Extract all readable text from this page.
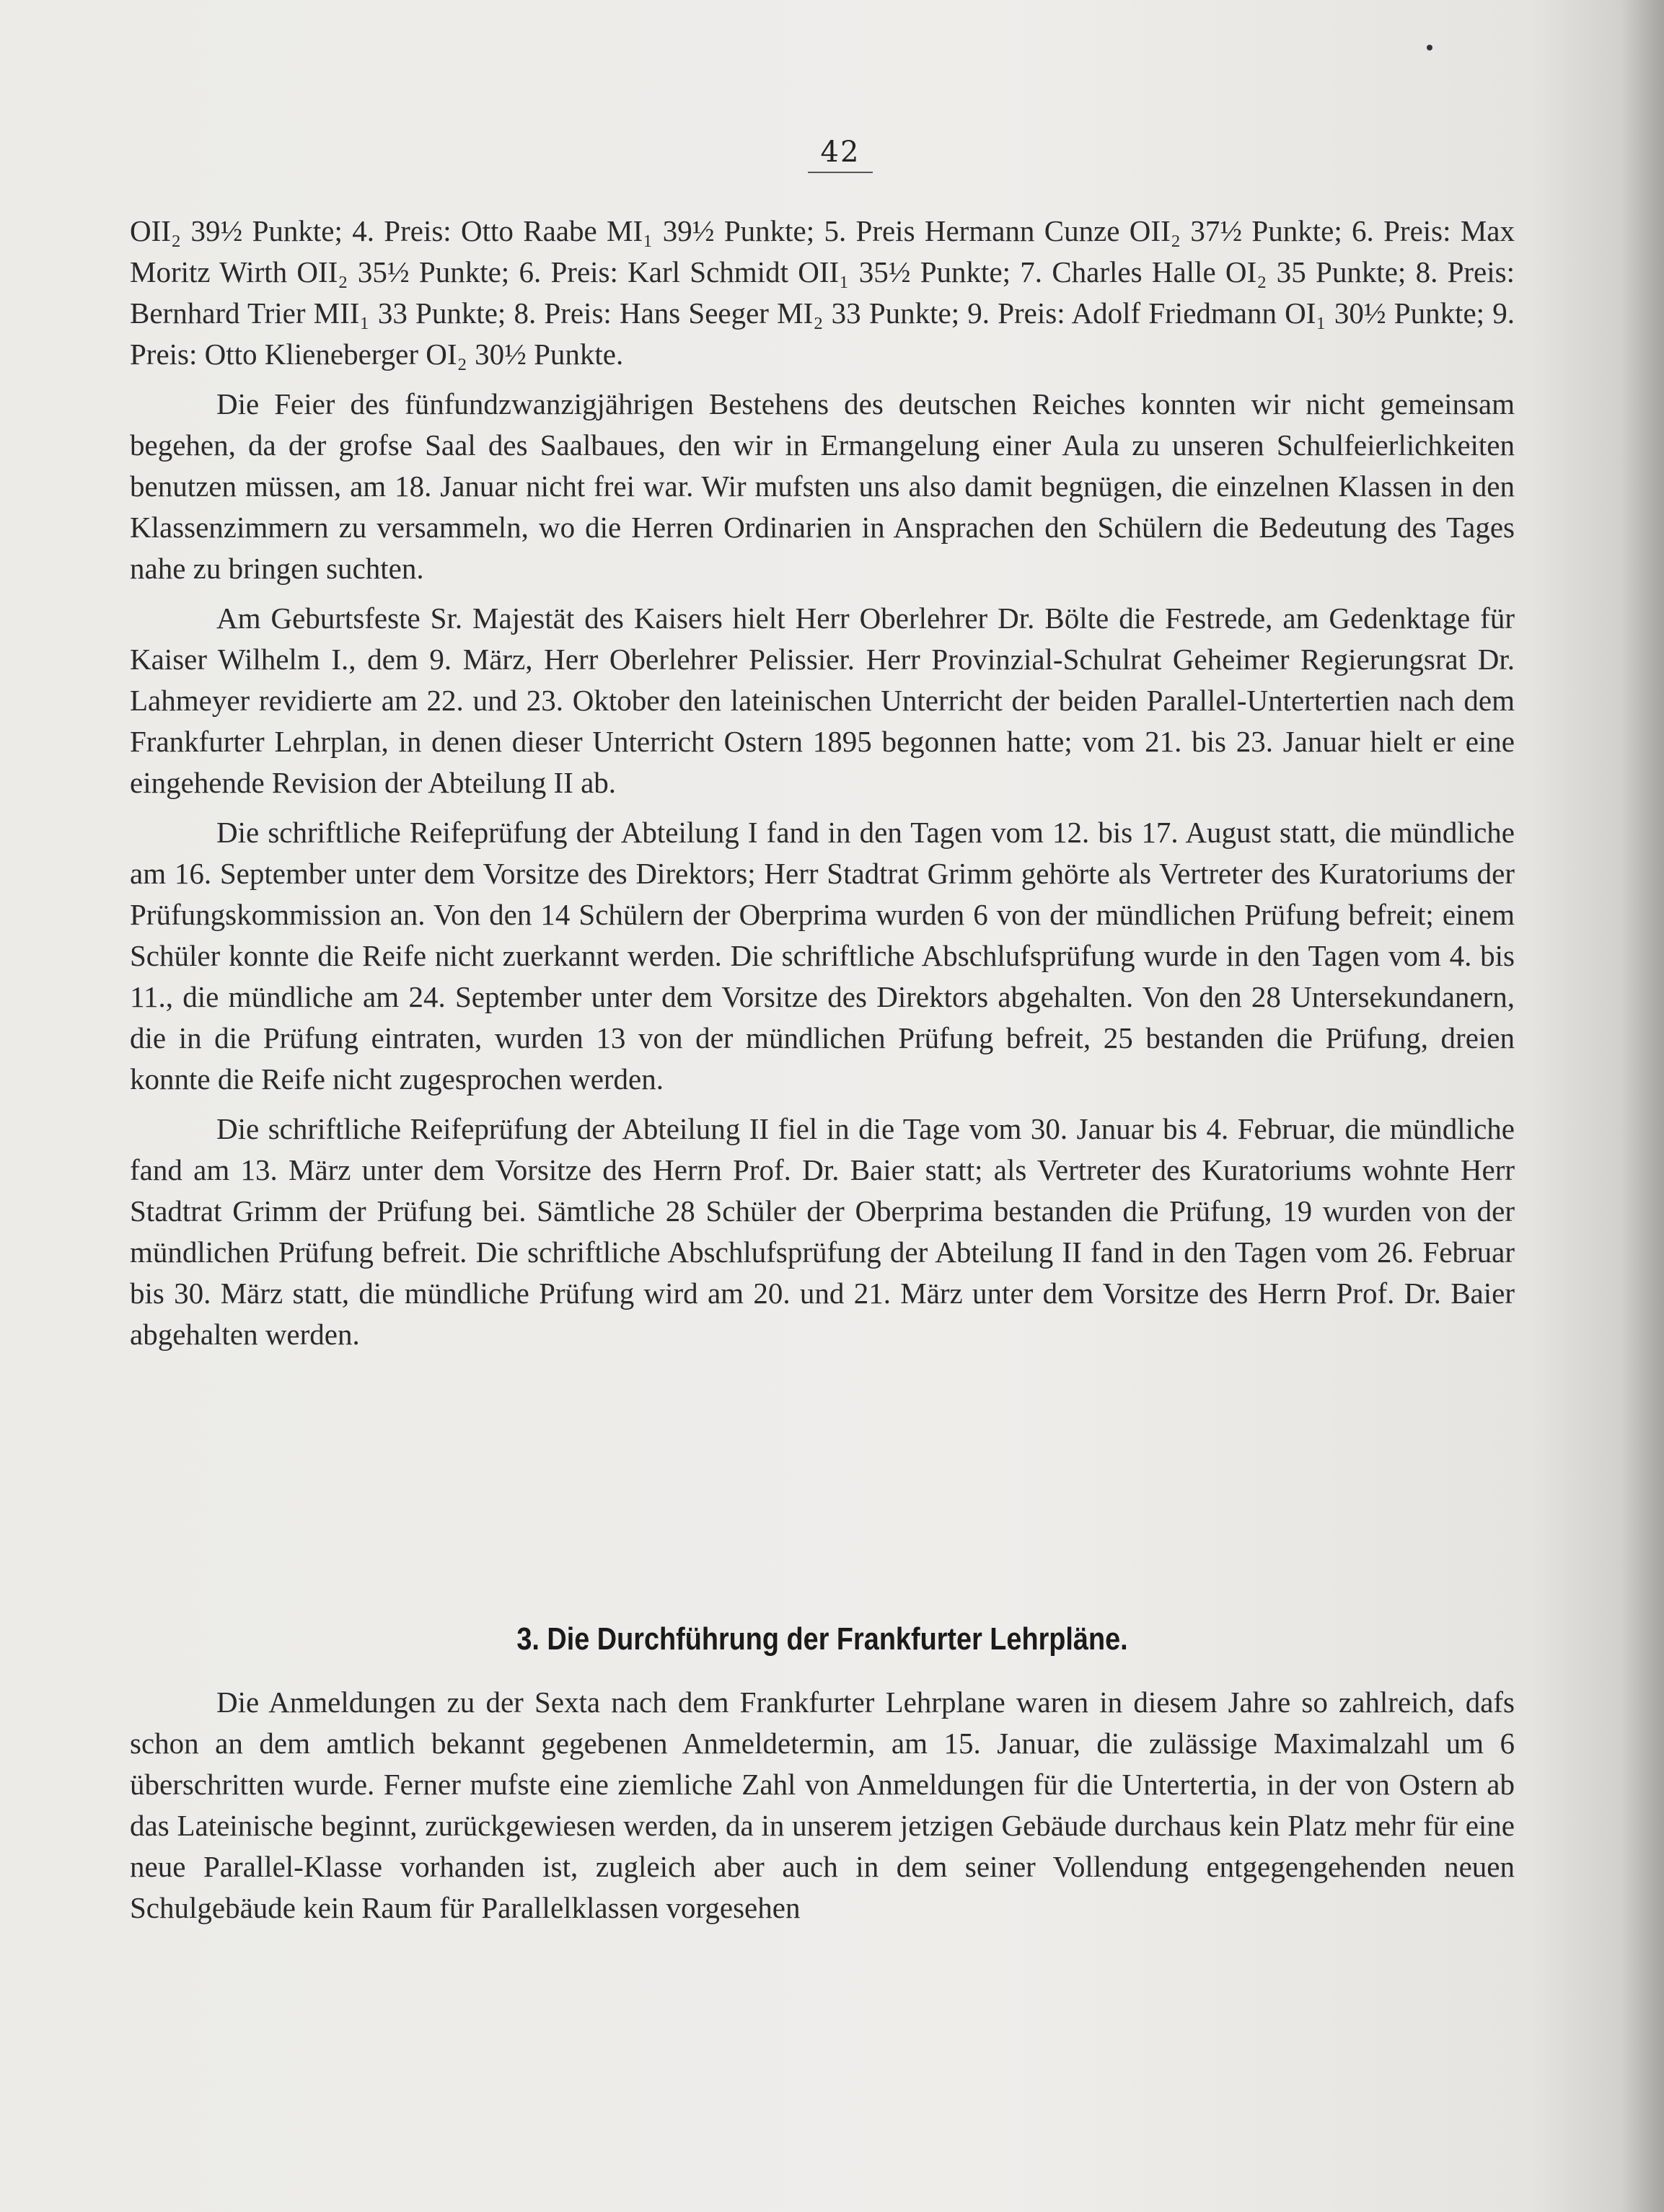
42

OII₂ 39½ Punkte; 4. Preis: Otto Raabe MI₁ 39½ Punkte; 5. Preis Hermann Cunze OII₂ 37½ Punkte; 6. Preis: Max Moritz Wirth OII₂ 35½ Punkte; 6. Preis: Karl Schmidt OII₁ 35½ Punkte; 7. Charles Halle OI₂ 35 Punkte; 8. Preis: Bernhard Trier MII₁ 33 Punkte; 8. Preis: Hans Seeger MI₂ 33 Punkte; 9. Preis: Adolf Friedmann OI₁ 30½ Punkte; 9. Preis: Otto Klieneberger OI₂ 30½ Punkte.

Die Feier des fünfundzwanzigjährigen Bestehens des deutschen Reiches konnten wir nicht gemeinsam begehen, da der grofse Saal des Saalbaues, den wir in Ermangelung einer Aula zu unseren Schulfeierlichkeiten benutzen müssen, am 18. Januar nicht frei war. Wir mufsten uns also damit begnügen, die einzelnen Klassen in den Klassenzimmern zu versammeln, wo die Herren Ordinarien in Ansprachen den Schülern die Bedeutung des Tages nahe zu bringen suchten.

Am Geburtsfeste Sr. Majestät des Kaisers hielt Herr Oberlehrer Dr. Bölte die Festrede, am Gedenktage für Kaiser Wilhelm I., dem 9. März, Herr Oberlehrer Pelissier. Herr Provinzial-Schulrat Geheimer Regierungsrat Dr. Lahmeyer revidierte am 22. und 23. Oktober den lateinischen Unterricht der beiden Parallel-Untertertien nach dem Frankfurter Lehrplan, in denen dieser Unterricht Ostern 1895 begonnen hatte; vom 21. bis 23. Januar hielt er eine eingehende Revision der Abteilung II ab.

Die schriftliche Reifeprüfung der Abteilung I fand in den Tagen vom 12. bis 17. August statt, die mündliche am 16. September unter dem Vorsitze des Direktors; Herr Stadtrat Grimm gehörte als Vertreter des Kuratoriums der Prüfungskommission an. Von den 14 Schülern der Oberprima wurden 6 von der mündlichen Prüfung befreit; einem Schüler konnte die Reife nicht zuerkannt werden. Die schriftliche Abschlufsprüfung wurde in den Tagen vom 4. bis 11., die mündliche am 24. September unter dem Vorsitze des Direktors abgehalten. Von den 28 Untersekundanern, die in die Prüfung eintraten, wurden 13 von der mündlichen Prüfung befreit, 25 bestanden die Prüfung, dreien konnte die Reife nicht zugesprochen werden.

Die schriftliche Reifeprüfung der Abteilung II fiel in die Tage vom 30. Januar bis 4. Februar, die mündliche fand am 13. März unter dem Vorsitze des Herrn Prof. Dr. Baier statt; als Vertreter des Kuratoriums wohnte Herr Stadtrat Grimm der Prüfung bei. Sämtliche 28 Schüler der Oberprima bestanden die Prüfung, 19 wurden von der mündlichen Prüfung befreit. Die schriftliche Abschlufsprüfung der Abteilung II fand in den Tagen vom 26. Februar bis 30. März statt, die mündliche Prüfung wird am 20. und 21. März unter dem Vorsitze des Herrn Prof. Dr. Baier abgehalten werden.

3. Die Durchführung der Frankfurter Lehrpläne.

Die Anmeldungen zu der Sexta nach dem Frankfurter Lehrplane waren in diesem Jahre so zahlreich, dafs schon an dem amtlich bekannt gegebenen Anmeldetermin, am 15. Januar, die zulässige Maximalzahl um 6 überschritten wurde. Ferner mufste eine ziemliche Zahl von Anmeldungen für die Untertertia, in der von Ostern ab das Lateinische beginnt, zurückgewiesen werden, da in unserem jetzigen Gebäude durchaus kein Platz mehr für eine neue Parallel-Klasse vorhanden ist, zugleich aber auch in dem seiner Vollendung entgegengehenden neuen Schulgebäude kein Raum für Parallelklassen vorgesehen
